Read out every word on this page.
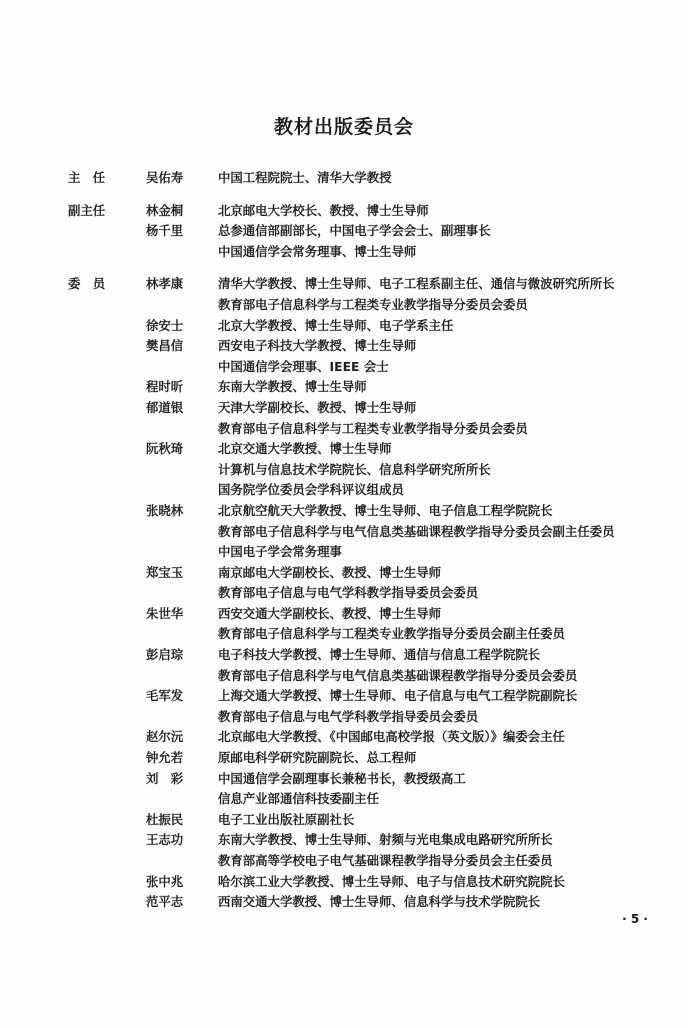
教材出版委员会
主　任	吴佑寿	中国工程院院士、清华大学教授
副主任	林金桐	北京邮电大学校长、教授、博士生导师
杨千里	总参通信部副部长，中国电子学会会士、副理事长
中国通信学会常务理事、博士生导师
委　员	林孝康	清华大学教授、博士生导师、电子工程系副主任、通信与微波研究所所长
教育部电子信息科学与工程类专业教学指导分委员会委员
徐安士	北京大学教授、博士生导师、电子学系主任
樊昌信	西安电子科技大学教授、博士生导师
中国通信学会理事、IEEE 会士
程时昕	东南大学教授、博士生导师
郁道银	天津大学副校长、教授、博士生导师
教育部电子信息科学与工程类专业教学指导分委员会委员
阮秋琦	北京交通大学教授、博士生导师
计算机与信息技术学院院长、信息科学研究所所长
国务院学位委员会学科评议组成员
张晓林	北京航空航天大学教授、博士生导师、电子信息工程学院院长
教育部电子信息科学与电气信息类基础课程教学指导分委员会副主任委员
中国电子学会常务理事
郑宝玉	南京邮电大学副校长、教授、博士生导师
教育部电子信息与电气学科教学指导委员会委员
朱世华	西安交通大学副校长、教授、博士生导师
教育部电子信息科学与工程类专业教学指导分委员会副主任委员
彭启琮	电子科技大学教授、博士生导师、通信与信息工程学院院长
教育部电子信息科学与电气信息类基础课程教学指导分委员会委员
毛军发	上海交通大学教授、博士生导师、电子信息与电气工程学院副院长
教育部电子信息与电气学科教学指导委员会委员
赵尔沅	北京邮电大学教授、《中国邮电高校学报（英文版）》编委会主任
钟允若	原邮电科学研究院副院长、总工程师
刘　彩	中国通信学会副理事长兼秘书长，教授级高工
信息产业部通信科技委副主任
杜振民	电子工业出版社原副社长
王志功	东南大学教授、博士生导师、射频与光电集成电路研究所所长
教育部高等学校电子电气基础课程教学指导分委员会主任委员
张中兆	哈尔滨工业大学教授、博士生导师、电子与信息技术研究院院长
范平志	西南交通大学教授、博士生导师、信息科学与技术学院院长
· 5 ·
